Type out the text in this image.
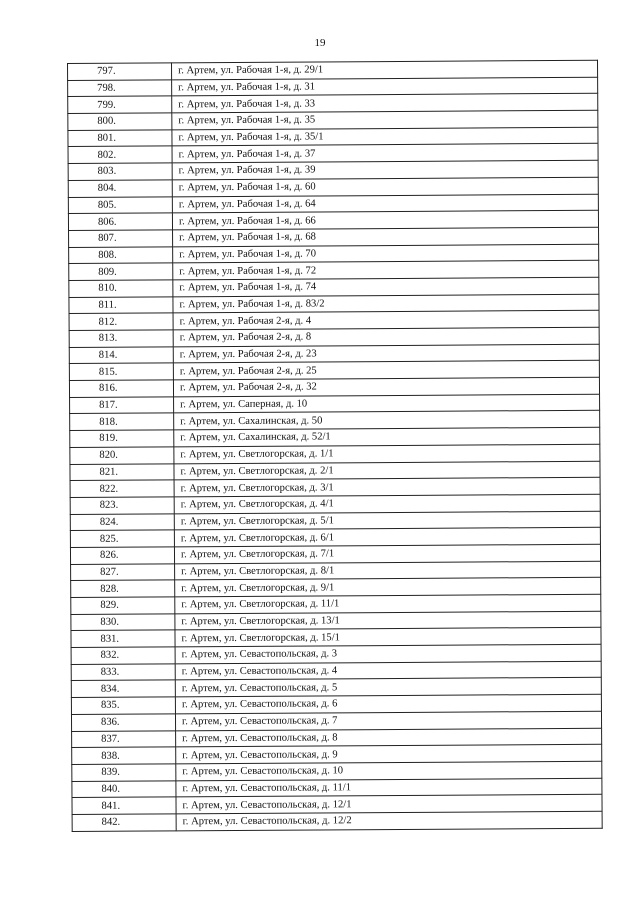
19
797.	г. Артем, ул. Рабочая 1-я, д. 29/1
798.	г. Артем, ул. Рабочая 1-я, д. 31
799.	г. Артем, ул. Рабочая 1-я, д. 33
800.	г. Артем, ул. Рабочая 1-я, д. 35
801.	г. Артем, ул. Рабочая 1-я, д. 35/1
802.	г. Артем, ул. Рабочая 1-я, д. 37
803.	г. Артем, ул. Рабочая 1-я, д. 39
804.	г. Артем, ул. Рабочая 1-я, д. 60
805.	г. Артем, ул. Рабочая 1-я, д. 64
806.	г. Артем, ул. Рабочая 1-я, д. 66
807.	г. Артем, ул. Рабочая 1-я, д. 68
808.	г. Артем, ул. Рабочая 1-я, д. 70
809.	г. Артем, ул. Рабочая 1-я, д. 72
810.	г. Артем, ул. Рабочая 1-я, д. 74
811.	г. Артем, ул. Рабочая 1-я, д. 83/2
812.	г. Артем, ул. Рабочая 2-я, д. 4
813.	г. Артем, ул. Рабочая 2-я, д. 8
814.	г. Артем, ул. Рабочая 2-я, д. 23
815.	г. Артем, ул. Рабочая 2-я, д. 25
816.	г. Артем, ул. Рабочая 2-я, д. 32
817.	г. Артем, ул. Саперная, д. 10
818.	г. Артем, ул. Сахалинская, д. 50
819.	г. Артем, ул. Сахалинская, д. 52/1
820.	г. Артем, ул. Светлогорская, д. 1/1
821.	г. Артем, ул. Светлогорская, д. 2/1
822.	г. Артем, ул. Светлогорская, д. 3/1
823.	г. Артем, ул. Светлогорская, д. 4/1
824.	г. Артем, ул. Светлогорская, д. 5/1
825.	г. Артем, ул. Светлогорская, д. 6/1
826.	г. Артем, ул. Светлогорская, д. 7/1
827.	г. Артем, ул. Светлогорская, д. 8/1
828.	г. Артем, ул. Светлогорская, д. 9/1
829.	г. Артем, ул. Светлогорская, д. 11/1
830.	г. Артем, ул. Светлогорская, д. 13/1
831.	г. Артем, ул. Светлогорская, д. 15/1
832.	г. Артем, ул. Севастопольская, д. 3
833.	г. Артем, ул. Севастопольская, д. 4
834.	г. Артем, ул. Севастопольская, д. 5
835.	г. Артем, ул. Севастопольская, д. 6
836.	г. Артем, ул. Севастопольская, д. 7
837.	г. Артем, ул. Севастопольская, д. 8
838.	г. Артем, ул. Севастопольская, д. 9
839.	г. Артем, ул. Севастопольская, д. 10
840.	г. Артем, ул. Севастопольская, д. 11/1
841.	г. Артем, ул. Севастопольская, д. 12/1
842.	г. Артем, ул. Севастопольская, д. 12/2
